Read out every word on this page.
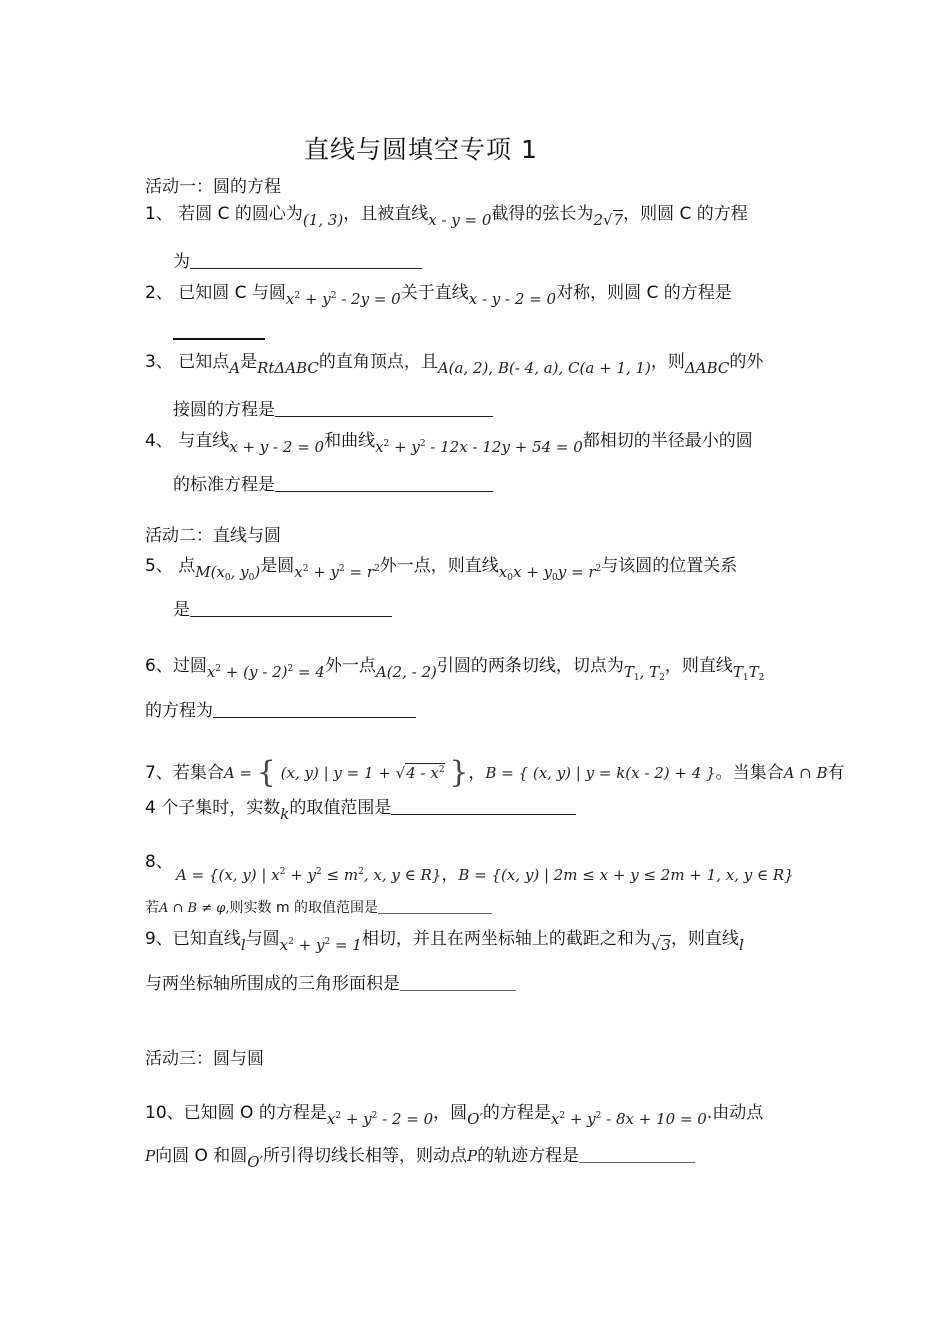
直线与圆填空专项 1
活动一：圆的方程
1、 若圆 C 的圆心为(1, 3)，且被直线x - y = 0截得的弦长为2√7，则圆 C 的方程
为
2、 已知圆 C 与圆$x^2 + y^2 - 2y = 0$关于直线x - y - 2 = 0对称，则圆 C 的方程是
3、 已知点A是RtΔABC的直角顶点，且A(a, 2), B(- 4, a), C(a + 1, 1)，则ΔABC的外
接圆的方程是
4、 与直线x + y - 2 = 0和曲线$x^2 + y^2 - 12x - 12y + 54 = 0$都相切的半径最小的圆
的标准方程是
活动二：直线与圆
5、 点$M(x_0$, $y_0$)是圆$x^2 + y^2 = r^2$外一点，则直线$x_0x + y_0y = r^2$与该圆的位置关系
是
6、过圆$x^2 + (y - 2)^2 = 4$外一点A(2, - 2)引圆的两条切线，切点为$T_1$, $T_2$，则直线$T_1T_2$
的方程为
7、若集合A = { (x, y) | $y = 1 + √4 - x^2$ }，B = { (x, y) | y = k(x - 2) + 4 }。当集合A ∩ B有
4 个子集时，实数k的取值范围是
8、
A = {(x, y) | $x^2 + y^2 \le m^2$, x, y ∈ R}，B = {(x, y) | 2m ≤ x + y ≤ 2m + 1, x, y ∈ R}
若A ∩ B ≠ φ,则实数 m 的取值范围是
9、已知直线l与圆$x^2 + y^2 = 1$相切，并且在两坐标轴上的截距之和为√3，则直线l
与两坐标轴所围成的三角形面积是
活动三：圆与圆
10、已知圆 O 的方程是$x^2 + y^2 - 2 = 0$，圆O′的方程是$x^2 + y^2 - 8x + 10 = 0$.由动点
P向圆 O 和圆O′所引得切线长相等，则动点P的轨迹方程是
